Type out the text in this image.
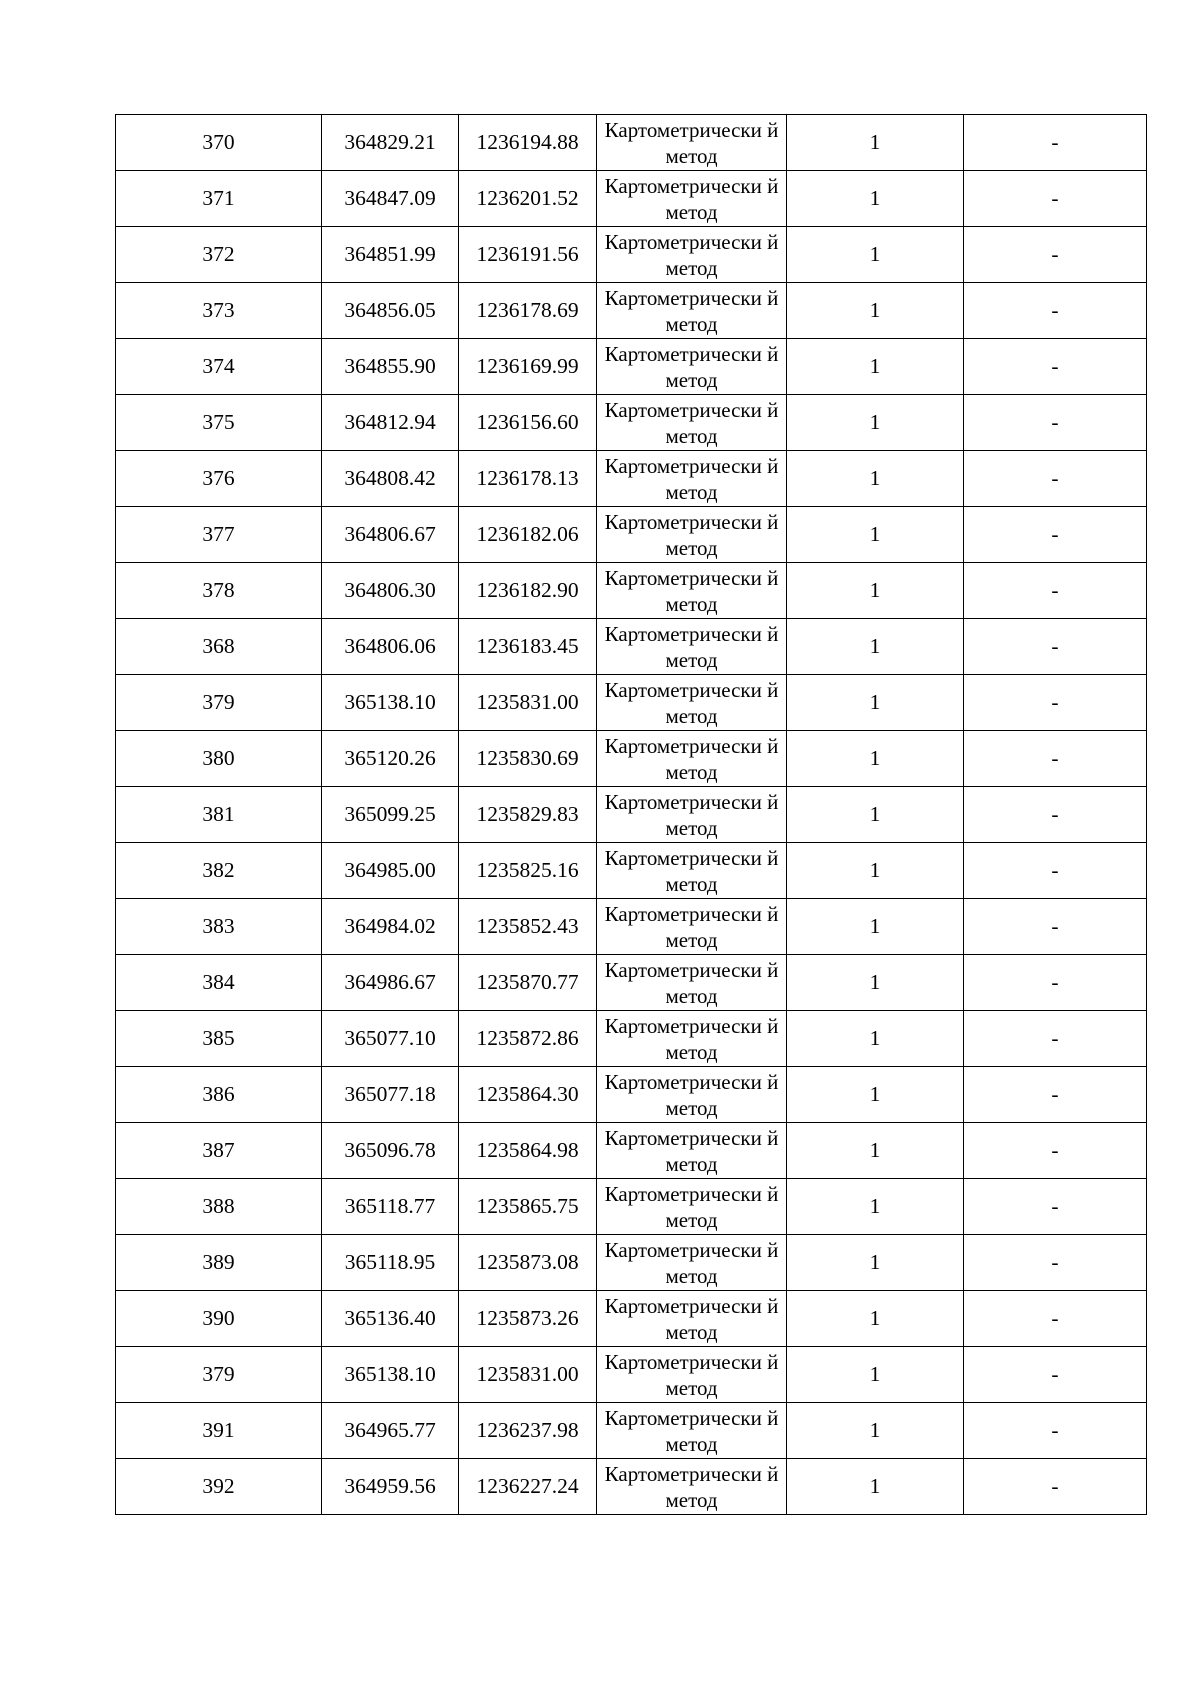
370	364829.21	1236194.88	Картометрически й метод	1	-
371	364847.09	1236201.52	Картометрически й метод	1	-
372	364851.99	1236191.56	Картометрически й метод	1	-
373	364856.05	1236178.69	Картометрически й метод	1	-
374	364855.90	1236169.99	Картометрически й метод	1	-
375	364812.94	1236156.60	Картометрически й метод	1	-
376	364808.42	1236178.13	Картометрически й метод	1	-
377	364806.67	1236182.06	Картометрически й метод	1	-
378	364806.30	1236182.90	Картометрически й метод	1	-
368	364806.06	1236183.45	Картометрически й метод	1	-
379	365138.10	1235831.00	Картометрически й метод	1	-
380	365120.26	1235830.69	Картометрически й метод	1	-
381	365099.25	1235829.83	Картометрически й метод	1	-
382	364985.00	1235825.16	Картометрически й метод	1	-
383	364984.02	1235852.43	Картометрически й метод	1	-
384	364986.67	1235870.77	Картометрически й метод	1	-
385	365077.10	1235872.86	Картометрически й метод	1	-
386	365077.18	1235864.30	Картометрически й метод	1	-
387	365096.78	1235864.98	Картометрически й метод	1	-
388	365118.77	1235865.75	Картометрически й метод	1	-
389	365118.95	1235873.08	Картометрически й метод	1	-
390	365136.40	1235873.26	Картометрически й метод	1	-
379	365138.10	1235831.00	Картометрически й метод	1	-
391	364965.77	1236237.98	Картометрически й метод	1	-
392	364959.56	1236227.24	Картометрически й метод	1	-
